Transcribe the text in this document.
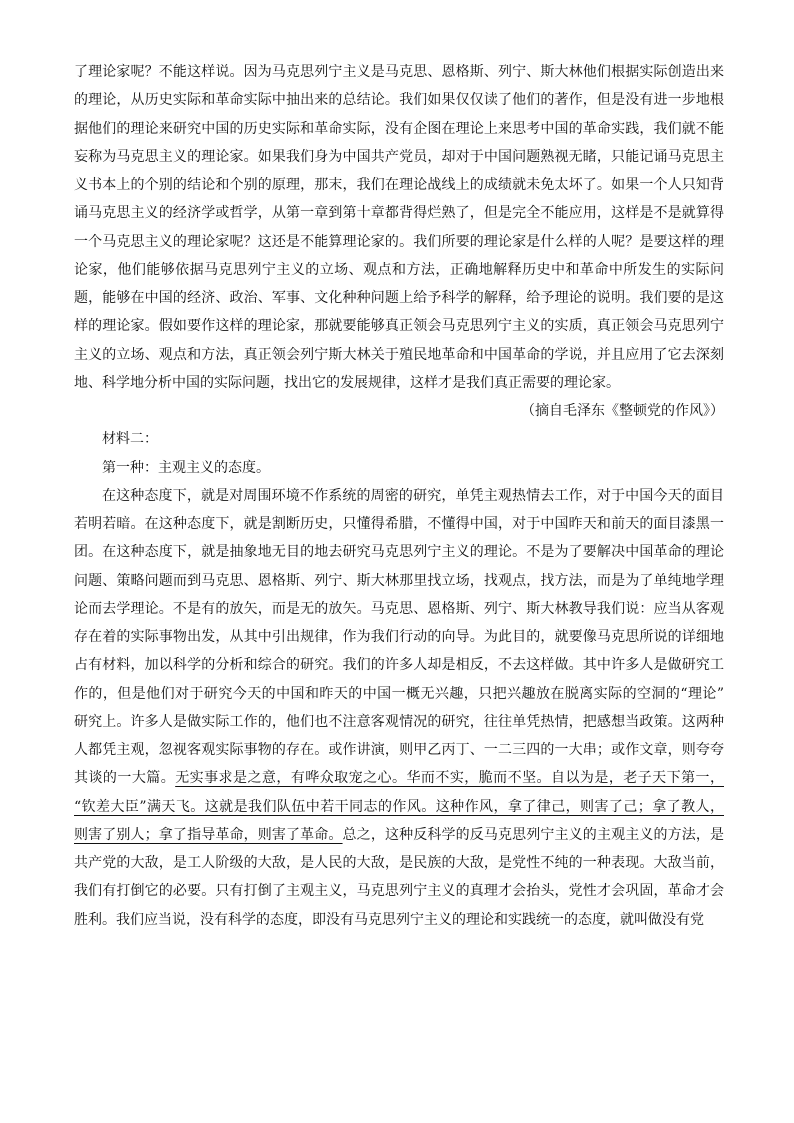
了理论家呢？不能这样说。因为马克思列宁主义是马克思、恩格斯、列宁、斯大林他们根据实际创造出来
的理论，从历史实际和革命实际中抽出来的总结论。我们如果仅仅读了他们的著作，但是没有进一步地根
据他们的理论来研究中国的历史实际和革命实际，没有企图在理论上来思考中国的革命实践，我们就不能
妄称为马克思主义的理论家。如果我们身为中国共产党员，却对于中国问题熟视无睹，只能记诵马克思主
义书本上的个别的结论和个别的原理，那末，我们在理论战线上的成绩就未免太坏了。如果一个人只知背
诵马克思主义的经济学或哲学，从第一章到第十章都背得烂熟了，但是完全不能应用，这样是不是就算得
一个马克思主义的理论家呢？这还是不能算理论家的。我们所要的理论家是什么样的人呢？是要这样的理
论家，他们能够依据马克思列宁主义的立场、观点和方法，正确地解释历史中和革命中所发生的实际问
题，能够在中国的经济、政治、军事、文化种种问题上给予科学的解释，给予理论的说明。我们要的是这
样的理论家。假如要作这样的理论家，那就要能够真正领会马克思列宁主义的实质，真正领会马克思列宁
主义的立场、观点和方法，真正领会列宁斯大林关于殖民地革命和中国革命的学说，并且应用了它去深刻
地、科学地分析中国的实际问题，找出它的发展规律，这样才是我们真正需要的理论家。
（摘自毛泽东《整顿党的作风》）
材料二：
第一种：主观主义的态度。
在这种态度下，就是对周围环境不作系统的周密的研究，单凭主观热情去工作，对于中国今天的面目
若明若暗。在这种态度下，就是割断历史，只懂得希腊，不懂得中国，对于中国昨天和前天的面目漆黑一
团。在这种态度下，就是抽象地无目的地去研究马克思列宁主义的理论。不是为了要解决中国革命的理论
问题、策略问题而到马克思、恩格斯、列宁、斯大林那里找立场，找观点，找方法，而是为了单纯地学理
论而去学理论。不是有的放矢，而是无的放矢。马克思、恩格斯、列宁、斯大林教导我们说：应当从客观
存在着的实际事物出发，从其中引出规律，作为我们行动的向导。为此目的，就要像马克思所说的详细地
占有材料，加以科学的分析和综合的研究。我们的许多人却是相反，不去这样做。其中许多人是做研究工
作的，但是他们对于研究今天的中国和昨天的中国一概无兴趣，只把兴趣放在脱离实际的空洞的“理论”
研究上。许多人是做实际工作的，他们也不注意客观情况的研究，往往单凭热情，把感想当政策。这两种
人都凭主观，忽视客观实际事物的存在。或作讲演，则甲乙丙丁、一二三四的一大串；或作文章，则夸夸
其谈的一大篇。无实事求是之意，有哗众取宠之心。华而不实，脆而不坚。自以为是，老子天下第一，
“钦差大臣”满天飞。这就是我们队伍中若干同志的作风。这种作风，拿了律己，则害了己；拿了教人，
则害了别人；拿了指导革命，则害了革命。总之，这种反科学的反马克思列宁主义的主观主义的方法，是
共产党的大敌，是工人阶级的大敌，是人民的大敌，是民族的大敌，是党性不纯的一种表现。大敌当前，
我们有打倒它的必要。只有打倒了主观主义，马克思列宁主义的真理才会抬头，党性才会巩固，革命才会
胜利。我们应当说，没有科学的态度，即没有马克思列宁主义的理论和实践统一的态度，就叫做没有党
